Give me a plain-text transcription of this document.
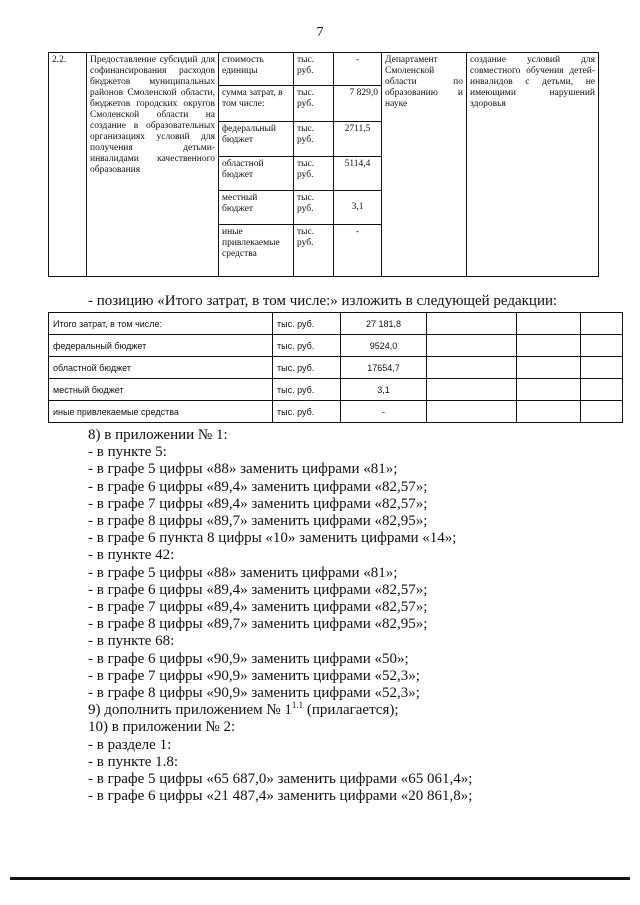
7
2.2.	Предоставление субсидий для софинансирования расходов бюджетов муниципальных районов Смоленской области, бюджетов городских округов Смоленской области на создание в образовательных организациях условий для получения детьми-инвалидами качественного образования	стоимость единицы	тыс. руб.	-	Департамент Смоленской области по образованию и науке	создание условий для совместного обучения детей-инвалидов с детьми, не имеющими нарушений здоровья
		сумма затрат, в том числе:	тыс. руб.	7 829,0		
		федеральный бюджет	тыс. руб.	2711,5		
		областной бюджет	тыс. руб.	5114,4		
		местный бюджет	тыс. руб.	3,1		
		иные привлекаемые средства	тыс. руб.	-		
- позицию «Итого затрат, в том числе:» изложить в следующей редакции:
Итого затрат, в том числе:	тыс. руб.	27 181,8			
федеральный бюджет	тыс. руб.	9524,0			
областной бюджет	тыс. руб.	17654,7			
местный бюджет	тыс. руб.	3,1			
иные привлекаемые средства	тыс. руб.	-			
8) в приложении № 1:
- в пункте 5:
- в графе 5 цифры «88» заменить цифрами «81»;
- в графе 6 цифры «89,4» заменить цифрами «82,57»;
- в графе 7 цифры «89,4» заменить цифрами «82,57»;
- в графе 8 цифры «89,7» заменить цифрами «82,95»;
- в графе 6 пункта 8 цифры «10» заменить цифрами «14»;
- в пункте 42:
- в графе 5 цифры «88» заменить цифрами «81»;
- в графе 6 цифры «89,4» заменить цифрами «82,57»;
- в графе 7 цифры «89,4» заменить цифрами «82,57»;
- в графе 8 цифры «89,7» заменить цифрами «82,95»;
- в пункте 68:
- в графе 6 цифры «90,9» заменить цифрами «50»;
- в графе 7 цифры «90,9» заменить цифрами «52,3»;
- в графе 8 цифры «90,9» заменить цифрами «52,3»;
9) дополнить приложением № $1^{1.1}$ (прилагается);
10) в приложении № 2:
- в разделе 1:
- в пункте 1.8:
- в графе 5 цифры «65 687,0» заменить цифрами «65 061,4»;
- в графе 6 цифры «21 487,4» заменить цифрами «20 861,8»;
